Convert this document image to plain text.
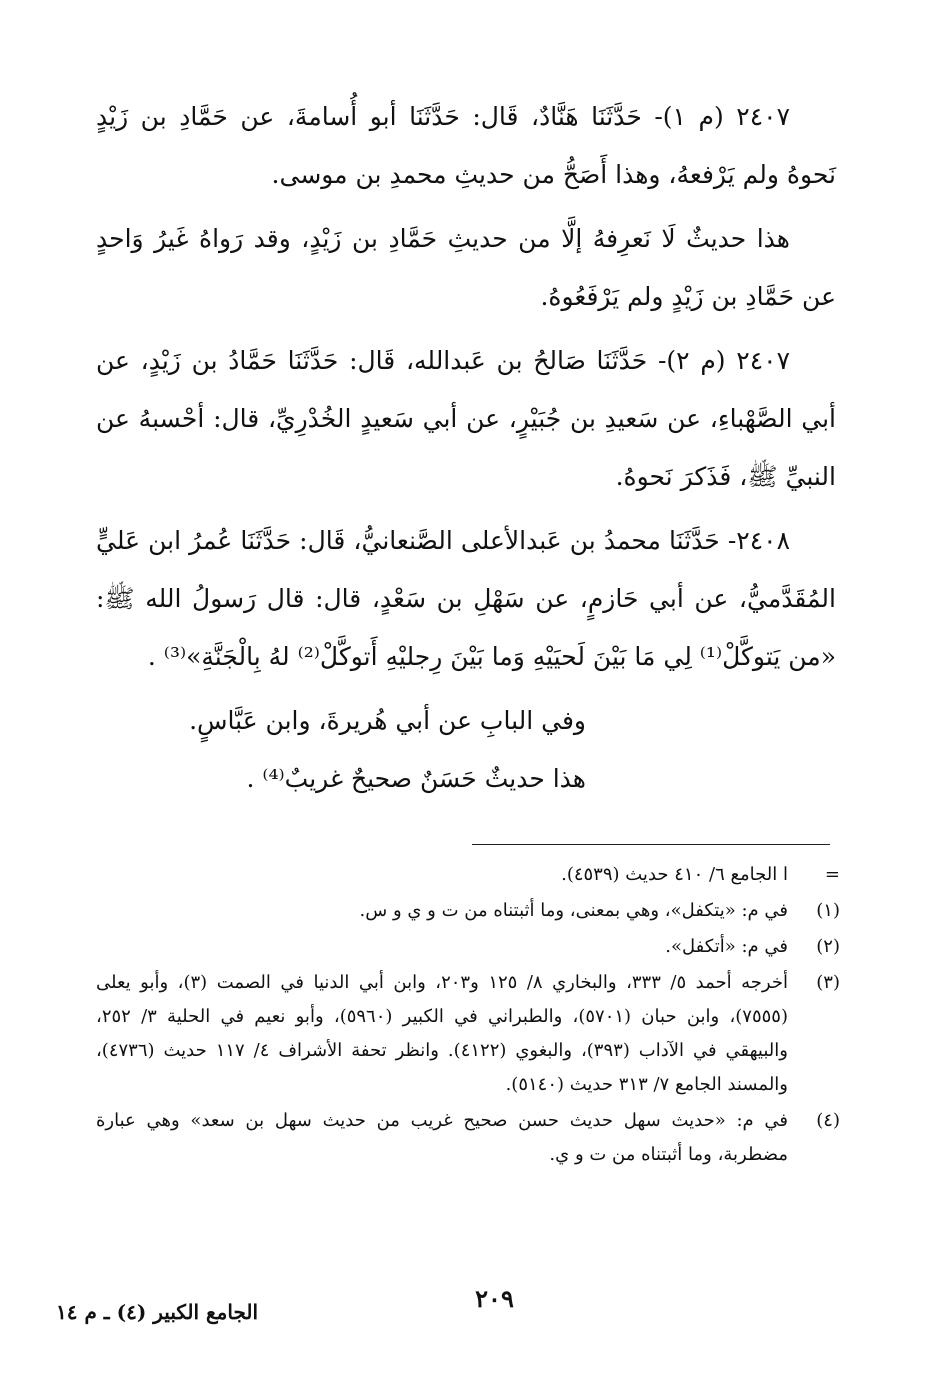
٢٤٠٧ (م ١)- حَدَّثَنَا هَنَّادٌ، قَال: حَدَّثَنَا أبو أُسامةَ، عن حَمَّادِ بن زَيْدٍ نَحوهُ ولم يَرْفعهُ، وهذا أَصَحُّ من حديثِ محمدِ بن موسى.

هذا حديثٌ لَا نَعرِفهُ إلَّا من حديثِ حَمَّادِ بن زَيْدٍ، وقد رَواهُ غَيرُ وَاحدٍ عن حَمَّادِ بن زَيْدٍ ولم يَرْفَعُوهُ.

٢٤٠٧ (م ٢)- حَدَّثَنَا صَالحُ بن عَبدالله، قَال: حَدَّثَنَا حَمَّادُ بن زَيْدٍ، عن أبي الصَّهْباءِ، عن سَعيدِ بن جُبَيْرٍ، عن أبي سَعيدٍ الخُدْرِيِّ، قال: أحْسبهُ عن النبيِّ ﷺ، فَذَكرَ نَحوهُ.

٢٤٠٨- حَدَّثَنَا محمدُ بن عَبدالأعلى الصَّنعانيُّ، قَال: حَدَّثَنَا عُمرُ ابن عَليٍّ المُقَدَّميُّ، عن أبي حَازمٍ، عن سَهْلِ بن سَعْدٍ، قال: قال رَسولُ الله ﷺ: «من يَتوكَّلْ⁽¹⁾ لِي مَا بَيْنَ لَحيَيْهِ وَما بَيْنَ رِجليْهِ أَتوكَّلْ⁽²⁾ لهُ بِالْجَنَّةِ»⁽³⁾ .

وفي البابِ عن أبي هُريرةَ، وابن عَبَّاسٍ.

هذا حديثٌ حَسَنٌ صحيحٌ غريبٌ⁽⁴⁾ .

=
ا الجامع ٦/ ٤١٠ حديث (٤٥٣٩).
(١)
في م: «يتكفل»، وهي بمعنى، وما أثبتناه من ت و ي و س.
(٢)
في م: «أتكفل».
(٣)
أخرجه أحمد ٥/ ٣٣٣، والبخاري ٨/ ١٢٥ و٢٠٣، وابن أبي الدنيا في الصمت (٣)، وأبو يعلى (٧٥٥٥)، وابن حبان (٥٧٠١)، والطبراني في الكبير (٥٩٦٠)، وأبو نعيم في الحلية ٣/ ٢٥٢، والبيهقي في الآداب (٣٩٣)، والبغوي (٤١٢٢). وانظر تحفة الأشراف ٤/ ١١٧ حديث (٤٧٣٦)، والمسند الجامع ٧/ ٣١٣ حديث (٥١٤٠).
(٤)
في م: «حديث سهل حديث حسن صحيح غريب من حديث سهل بن سعد» وهي عبارة مضطربة، وما أثبتناه من ت و ي.
٢٠٩
الجامع الكبير (٤) ـ م ١٤
